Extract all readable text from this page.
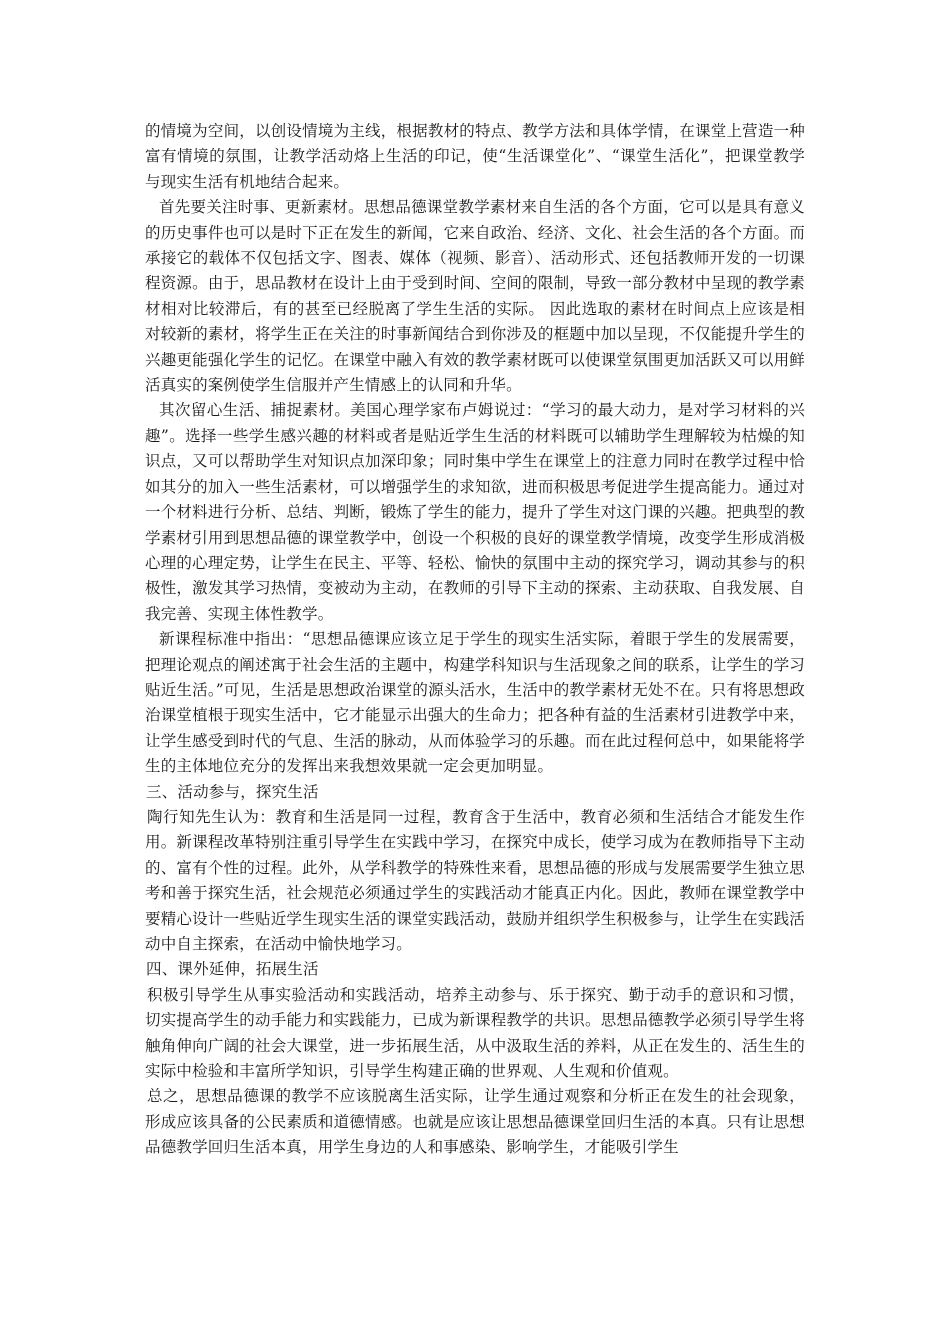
的情境为空间，以创设情境为主线，根据教材的特点、教学方法和具体学情，在课堂上营造一种富有情境的氛围，让教学活动烙上生活的印记，使“生活课堂化”、“课堂生活化”，把课堂教学与现实生活有机地结合起来。

首先要关注时事、更新素材。思想品德课堂教学素材来自生活的各个方面，它可以是具有意义的历史事件也可以是时下正在发生的新闻，它来自政治、经济、文化、社会生活的各个方面。而承接它的载体不仅包括文字、图表、媒体（视频、影音）、活动形式、还包括教师开发的一切课程资源。由于，思品教材在设计上由于受到时间、空间的限制，导致一部分教材中呈现的教学素材相对比较滞后，有的甚至已经脱离了学生生活的实际。 因此选取的素材在时间点上应该是相对较新的素材，将学生正在关注的时事新闻结合到你涉及的框题中加以呈现，不仅能提升学生的兴趣更能强化学生的记忆。在课堂中融入有效的教学素材既可以使课堂氛围更加活跃又可以用鲜活真实的案例使学生信服并产生情感上的认同和升华。

其次留心生活、捕捉素材。美国心理学家布卢姆说过：“学习的最大动力，是对学习材料的兴趣”。选择一些学生感兴趣的材料或者是贴近学生生活的材料既可以辅助学生理解较为枯燥的知识点，又可以帮助学生对知识点加深印象；同时集中学生在课堂上的注意力同时在教学过程中恰如其分的加入一些生活素材，可以增强学生的求知欲，进而积极思考促进学生提高能力。通过对一个材料进行分析、总结、判断，锻炼了学生的能力，提升了学生对这门课的兴趣。把典型的教学素材引用到思想品德的课堂教学中，创设一个积极的良好的课堂教学情境，改变学生形成消极心理的心理定势，让学生在民主、平等、轻松、愉快的氛围中主动的探究学习，调动其参与的积极性，激发其学习热情，变被动为主动，在教师的引导下主动的探索、主动获取、自我发展、自我完善、实现主体性教学。

新课程标准中指出：“思想品德课应该立足于学生的现实生活实际，着眼于学生的发展需要，把理论观点的阐述寓于社会生活的主题中，构建学科知识与生活现象之间的联系，让学生的学习贴近生活。”可见，生活是思想政治课堂的源头活水，生活中的教学素材无处不在。只有将思想政治课堂植根于现实生活中，它才能显示出强大的生命力；把各种有益的生活素材引进教学中来，让学生感受到时代的气息、生活的脉动，从而体验学习的乐趣。而在此过程何总中，如果能将学生的主体地位充分的发挥出来我想效果就一定会更加明显。

三、活动参与，探究生活

陶行知先生认为：教育和生活是同一过程，教育含于生活中，教育必须和生活结合才能发生作用。新课程改革特别注重引导学生在实践中学习，在探究中成长，使学习成为在教师指导下主动的、富有个性的过程。此外，从学科教学的特殊性来看，思想品德的形成与发展需要学生独立思考和善于探究生活，社会规范必须通过学生的实践活动才能真正内化。因此，教师在课堂教学中要精心设计一些贴近学生现实生活的课堂实践活动，鼓励并组织学生积极参与，让学生在实践活动中自主探索，在活动中愉快地学习。

四、课外延伸，拓展生活

积极引导学生从事实验活动和实践活动，培养主动参与、乐于探究、勤于动手的意识和习惯，切实提高学生的动手能力和实践能力，已成为新课程教学的共识。思想品德教学必须引导学生将触角伸向广阔的社会大课堂，进一步拓展生活，从中汲取生活的养料，从正在发生的、活生生的实际中检验和丰富所学知识，引导学生构建正确的世界观、人生观和价值观。

总之，思想品德课的教学不应该脱离生活实际，让学生通过观察和分析正在发生的社会现象，形成应该具备的公民素质和道德情感。也就是应该让思想品德课堂回归生活的本真。只有让思想品德教学回归生活本真，用学生身边的人和事感染、影响学生，才能吸引学生
